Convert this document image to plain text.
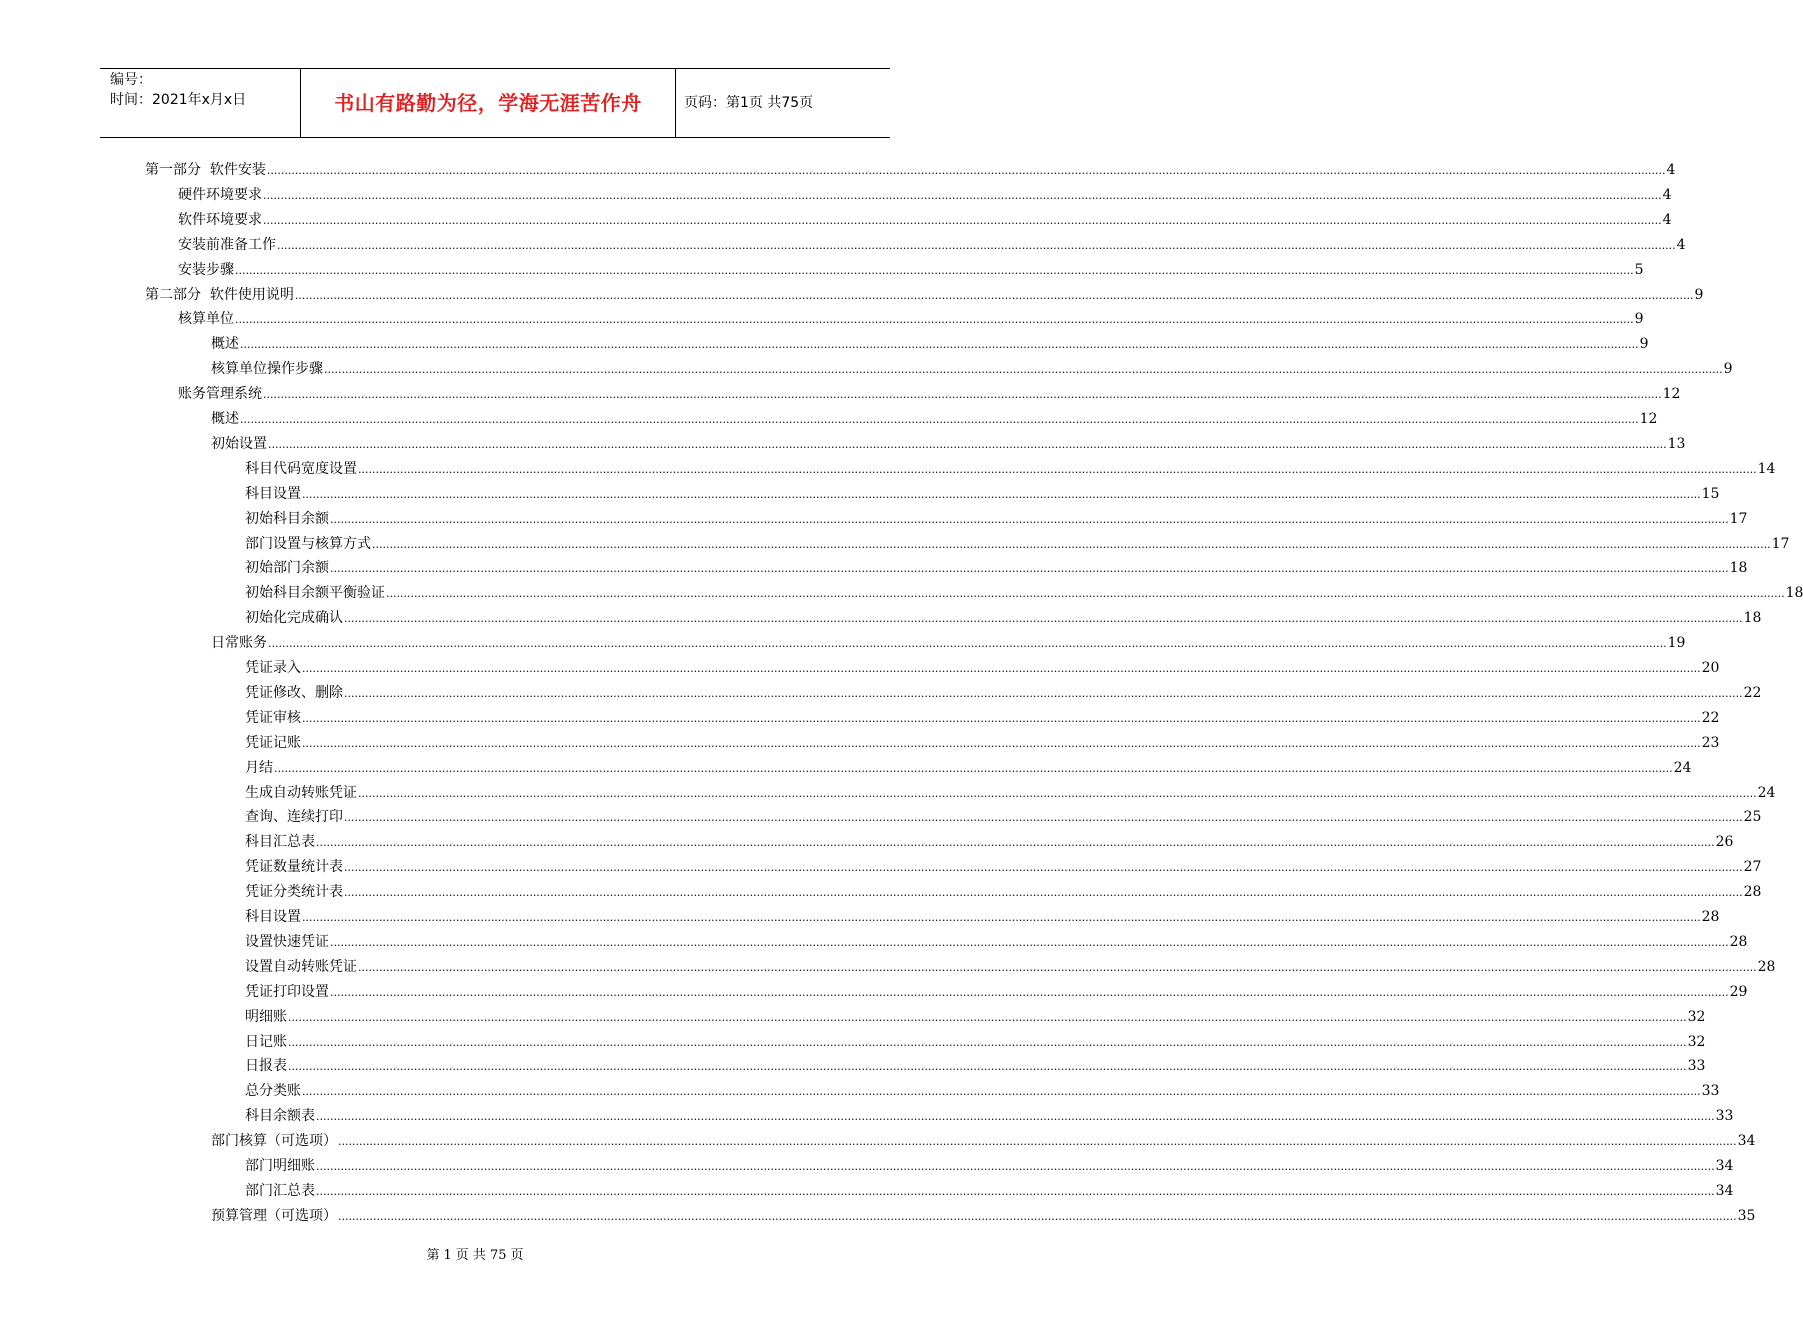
编号：
时间：2021年x月x日	书山有路勤为径，学海无涯苦作舟	页码：第1页 共75页
第一部分  软件安装 ................................................................................................................................................................................................................................................................................................................................................................................................................ 4
硬件环境要求 ................................................................................................................................................................................................................................................................................................................................................................................................................ 4
软件环境要求 ................................................................................................................................................................................................................................................................................................................................................................................................................ 4
安装前准备工作 ................................................................................................................................................................................................................................................................................................................................................................................................................ 4
安装步骤 ................................................................................................................................................................................................................................................................................................................................................................................................................ 5
第二部分  软件使用说明 ................................................................................................................................................................................................................................................................................................................................................................................................................ 9
核算单位 ................................................................................................................................................................................................................................................................................................................................................................................................................ 9
概述 ................................................................................................................................................................................................................................................................................................................................................................................................................ 9
核算单位操作步骤 ................................................................................................................................................................................................................................................................................................................................................................................................................ 9
账务管理系统 ................................................................................................................................................................................................................................................................................................................................................................................................................ 12
概述 ................................................................................................................................................................................................................................................................................................................................................................................................................ 12
初始设置 ................................................................................................................................................................................................................................................................................................................................................................................................................ 13
科目代码宽度设置 ................................................................................................................................................................................................................................................................................................................................................................................................................ 14
科目设置 ................................................................................................................................................................................................................................................................................................................................................................................................................ 15
初始科目余额 ................................................................................................................................................................................................................................................................................................................................................................................................................ 17
部门设置与核算方式 ................................................................................................................................................................................................................................................................................................................................................................................................................ 17
初始部门余额 ................................................................................................................................................................................................................................................................................................................................................................................................................ 18
初始科目余额平衡验证 ................................................................................................................................................................................................................................................................................................................................................................................................................ 18
初始化完成确认 ................................................................................................................................................................................................................................................................................................................................................................................................................ 18
日常账务 ................................................................................................................................................................................................................................................................................................................................................................................................................ 19
凭证录入 ................................................................................................................................................................................................................................................................................................................................................................................................................ 20
凭证修改、删除 ................................................................................................................................................................................................................................................................................................................................................................................................................ 22
凭证审核 ................................................................................................................................................................................................................................................................................................................................................................................................................ 22
凭证记账 ................................................................................................................................................................................................................................................................................................................................................................................................................ 23
月结 ................................................................................................................................................................................................................................................................................................................................................................................................................ 24
生成自动转账凭证 ................................................................................................................................................................................................................................................................................................................................................................................................................ 24
查询、连续打印 ................................................................................................................................................................................................................................................................................................................................................................................................................ 25
科目汇总表 ................................................................................................................................................................................................................................................................................................................................................................................................................ 26
凭证数量统计表 ................................................................................................................................................................................................................................................................................................................................................................................................................ 27
凭证分类统计表 ................................................................................................................................................................................................................................................................................................................................................................................................................ 28
科目设置 ................................................................................................................................................................................................................................................................................................................................................................................................................ 28
设置快速凭证 ................................................................................................................................................................................................................................................................................................................................................................................................................ 28
设置自动转账凭证 ................................................................................................................................................................................................................................................................................................................................................................................................................ 28
凭证打印设置 ................................................................................................................................................................................................................................................................................................................................................................................................................ 29
明细账 ................................................................................................................................................................................................................................................................................................................................................................................................................ 32
日记账 ................................................................................................................................................................................................................................................................................................................................................................................................................ 32
日报表 ................................................................................................................................................................................................................................................................................................................................................................................................................ 33
总分类账 ................................................................................................................................................................................................................................................................................................................................................................................................................ 33
科目余额表 ................................................................................................................................................................................................................................................................................................................................................................................................................ 33
部门核算（可选项） ................................................................................................................................................................................................................................................................................................................................................................................................................ 34
部门明细账 ................................................................................................................................................................................................................................................................................................................................................................................................................ 34
部门汇总表 ................................................................................................................................................................................................................................................................................................................................................................................................................ 34
预算管理（可选项） ................................................................................................................................................................................................................................................................................................................................................................................................................ 35
第 1 页 共 75 页
